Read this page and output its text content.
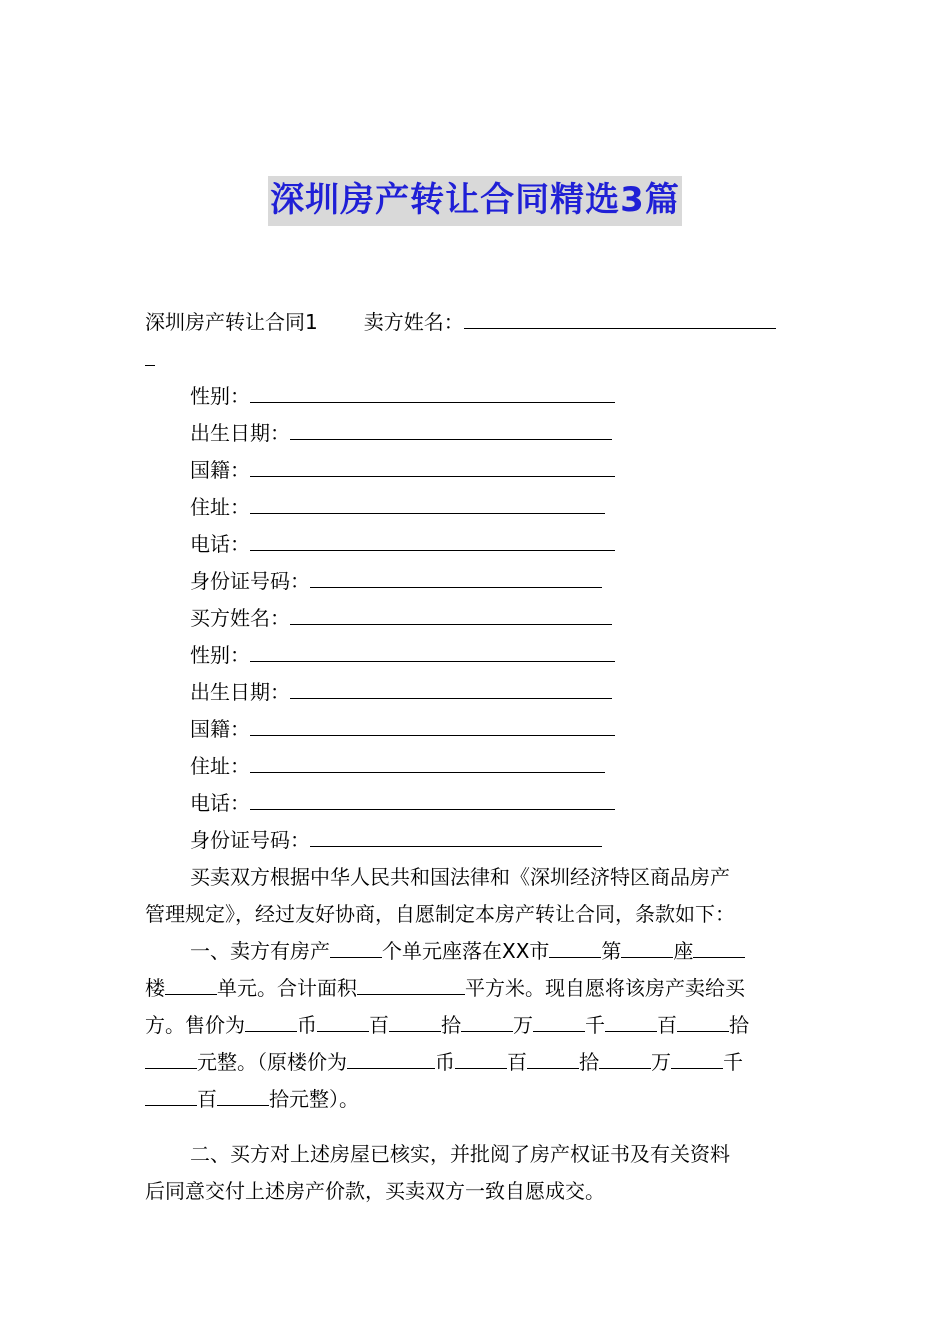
深圳房产转让合同精选3篇
深圳房产转让合同1 卖方姓名：
性别：
出生日期：
国籍：
住址：
电话：
身份证号码：
买方姓名：
性别：
出生日期：
国籍：
住址：
电话：
身份证号码：
买卖双方根据中华人民共和国法律和《深圳经济特区商品房产
管理规定》，经过友好协商，自愿制定本房产转让合同，条款如下：
一、卖方有房产	个单元座落在XX市	第	座
楼	单元。合计面积	平方米。现自愿将该房产卖给买
方。售价为	币	百	拾	万	千	百	拾
元整。（原楼价为	币	百	拾	万	千
百	拾元整）。
二、买方对上述房屋已核实，并批阅了房产权证书及有关资料
后同意交付上述房产价款，买卖双方一致自愿成交。
